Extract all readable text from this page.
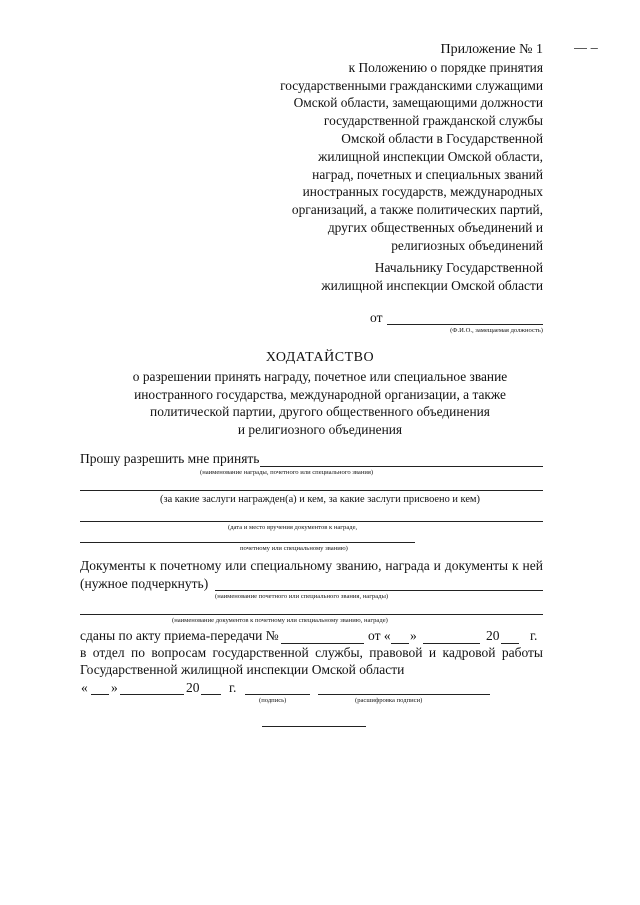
— –
Приложение № 1
к Положению о порядке принятия
государственными гражданскими служащими
Омской области, замещающими должности
государственной гражданской службы
Омской области в Государственной
жилищной инспекции Омской области,
наград, почетных и специальных званий
иностранных государств, международных
организаций, а также политических партий,
других общественных объединений и
религиозных объединений
Начальнику Государственной
жилищной инспекции Омской области
от
(Ф.И.О., замещаемая должность)
ХОДАТАЙСТВО
о разрешении принять награду, почетное или специальное звание
иностранного государства, международной организации, а также
политической партии, другого общественного объединения
и религиозного объединения
Прошу разрешить мне принять
(наименование награды, почетного или специального звания)
(за какие заслуги награжден(а) и кем, за какие заслуги присвоено и кем)
(дата и место вручения документов к награде,
почетному или специальному званию)
Документы к почетному или специальному званию, награда и документы к ней
(нужное подчеркнуть)
(наименование почетного или специального звания, награды)
(наименование документов к почетному или специальному званию, награде)
сданы по акту приема-передачи №	от « »	20 г.
в отдел по вопросам государственной службы, правовой и кадровой работы
Государственной жилищной инспекции Омской области
« »	20 г.
(подпись)	(расшифровка подписи)
